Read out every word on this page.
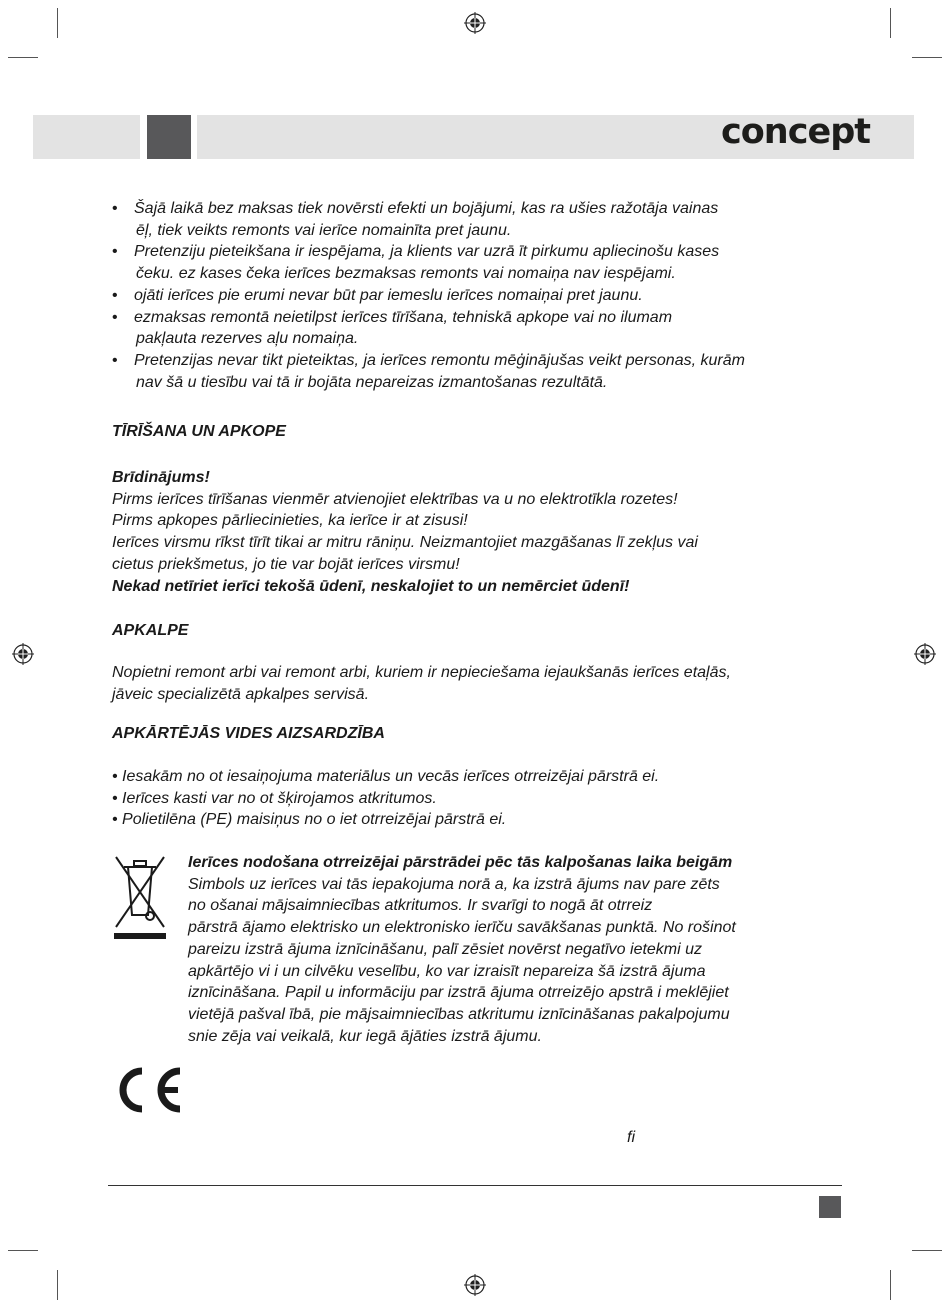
concept
• Šajā laikā bez maksas tiek novērsti efekti un bojājumi, kas ra ušies ražotāja vainas
ēļ, tiek veikts remonts vai ierīce nomainīta pret jaunu.
• Pretenziju pieteikšana ir iespējama, ja klients var uzrā īt pirkumu apliecinošu kases
čeku. ez kases čeka ierīces bezmaksas remonts vai nomaiņa nav iespējami.
• ojāti ierīces pie erumi nevar būt par iemeslu ierīces nomaiņai pret jaunu.
• ezmaksas remontā neietilpst ierīces tīrīšana, tehniskā apkope vai no ilumam
pakļauta rezerves aļu nomaiņa.
• Pretenzijas nevar tikt pieteiktas, ja ierīces remontu mēģinājušas veikt personas, kurām
nav šā u tiesību vai tā ir bojāta nepareizas izmantošanas rezultātā.
TĪRĪŠANA UN APKOPE

Brīdinājums!

Pirms ierīces tīrīšanas vienmēr atvienojiet elektrības va u no elektrotīkla rozetes!

Pirms apkopes pārliecinieties, ka ierīce ir at zisusi!

Ierīces virsmu rīkst tīrīt tikai ar mitru rāniņu. Neizmantojiet mazgāšanas lī zekļus vai

cietus priekšmetus, jo tie var bojāt ierīces virsmu!

Nekad netīriet ierīci tekošā ūdenī, neskalojiet to un nemērciet ūdenī!

APKALPE

Nopietni remont arbi vai remont arbi, kuriem ir nepieciešama iejaukšanās ierīces etaļās,

jāveic specializētā apkalpes servisā.

APKĀRTĒJĀS VIDES AIZSARDZĪBA
• Iesakām no ot iesaiņojuma materiālus un vecās ierīces otrreizējai pārstrā ei.
• Ierīces kasti var no ot šķirojamos atkritumos.
• Polietilēna (PE) maisiņus no o iet otrreizējai pārstrā ei.

Ierīces nodošana otrreizējai pārstrādei pēc tās kalpošanas laika beigām

Simbols uz ierīces vai tās iepakojuma norā a, ka izstrā ājums nav pare zēts

no ošanai mājsaimniecības atkritumos. Ir svarīgi to nogā āt otrreiz

pārstrā ājamo elektrisko un elektronisko ierīču savākšanas punktā. No rošinot

pareizu izstrā ājuma iznīcināšanu, palī zēsiet novērst negatīvo ietekmi uz

apkārtējo vi i un cilvēku veselību, ko var izraisīt nepareiza šā izstrā ājuma

iznīcināšana. Papil u informāciju par izstrā ājuma otrreizējo apstrā i meklējiet

vietējā pašval ībā, pie mājsaimniecības atkritumu iznīcināšanas pakalpojumu

snie zēja vai veikalā, kur iegā ājāties izstrā ājumu.

fi
